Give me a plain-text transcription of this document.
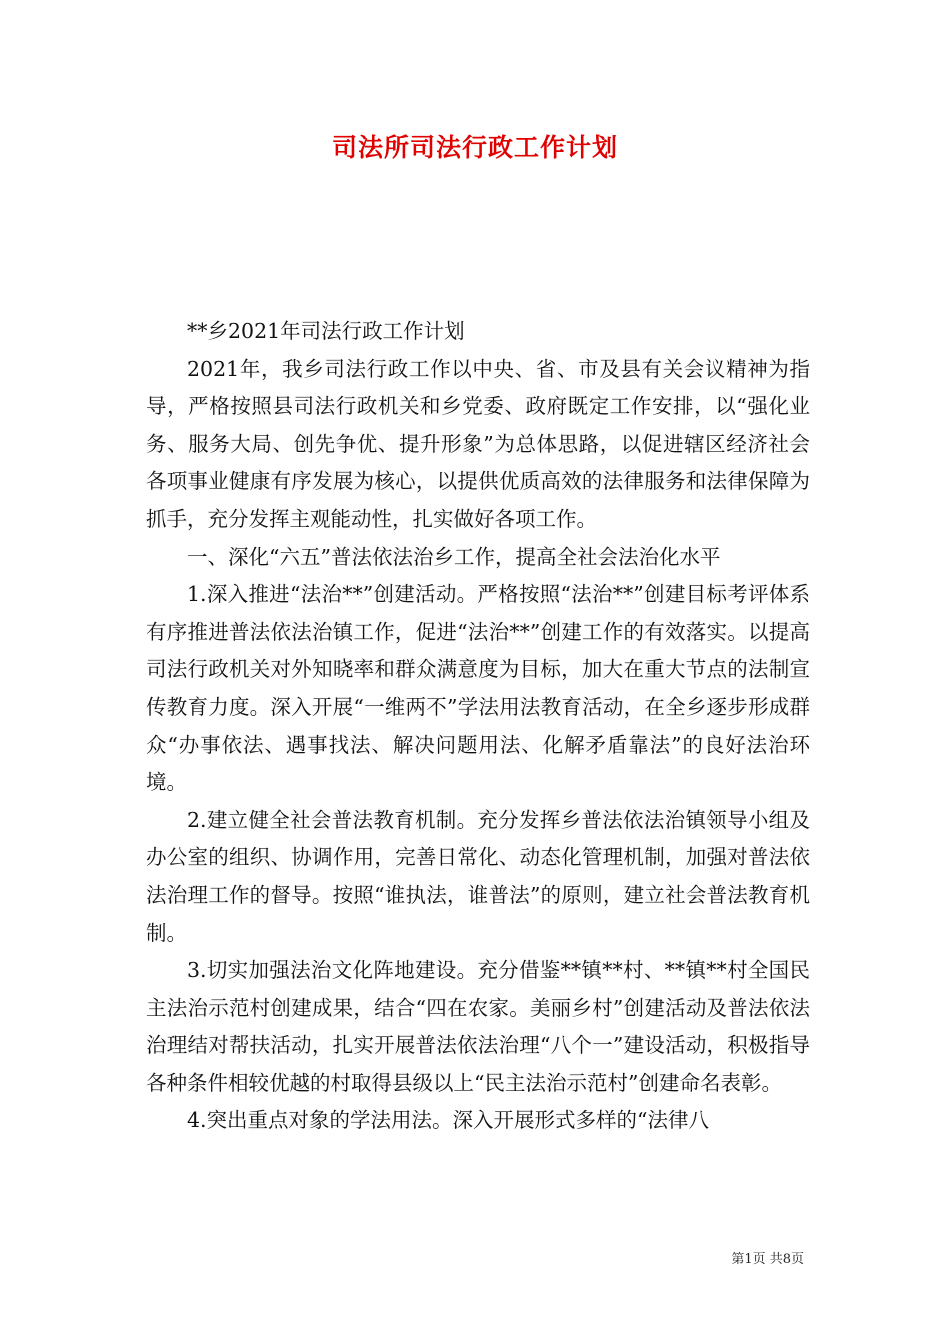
司法所司法行政工作计划

**乡2021年司法行政工作计划

2021年，我乡司法行政工作以中央、省、市及县有关会议精神为指导，严格按照县司法行政机关和乡党委、政府既定工作安排，以“强化业务、服务大局、创先争优、提升形象”为总体思路，以促进辖区经济社会各项事业健康有序发展为核心，以提供优质高效的法律服务和法律保障为抓手，充分发挥主观能动性，扎实做好各项工作。

一、深化“六五”普法依法治乡工作，提高全社会法治化水平

1.深入推进“法治**”创建活动。严格按照“法治**”创建目标考评体系有序推进普法依法治镇工作，促进“法治**”创建工作的有效落实。以提高司法行政机关对外知晓率和群众满意度为目标，加大在重大节点的法制宣传教育力度。深入开展“一维两不”学法用法教育活动，在全乡逐步形成群众“办事依法、遇事找法、解决问题用法、化解矛盾靠法”的良好法治环境。

2.建立健全社会普法教育机制。充分发挥乡普法依法治镇领导小组及办公室的组织、协调作用，完善日常化、动态化管理机制，加强对普法依法治理工作的督导。按照“谁执法，谁普法”的原则，建立社会普法教育机制。

3.切实加强法治文化阵地建设。充分借鉴**镇**村、**镇**村全国民主法治示范村创建成果，结合“四在农家。美丽乡村”创建活动及普法依法治理结对帮扶活动，扎实开展普法依法治理“八个一”建设活动，积极指导各种条件相较优越的村取得县级以上“民主法治示范村”创建命名表彰。

4.突出重点对象的学法用法。深入开展形式多样的“法律八

第1页 共8页
